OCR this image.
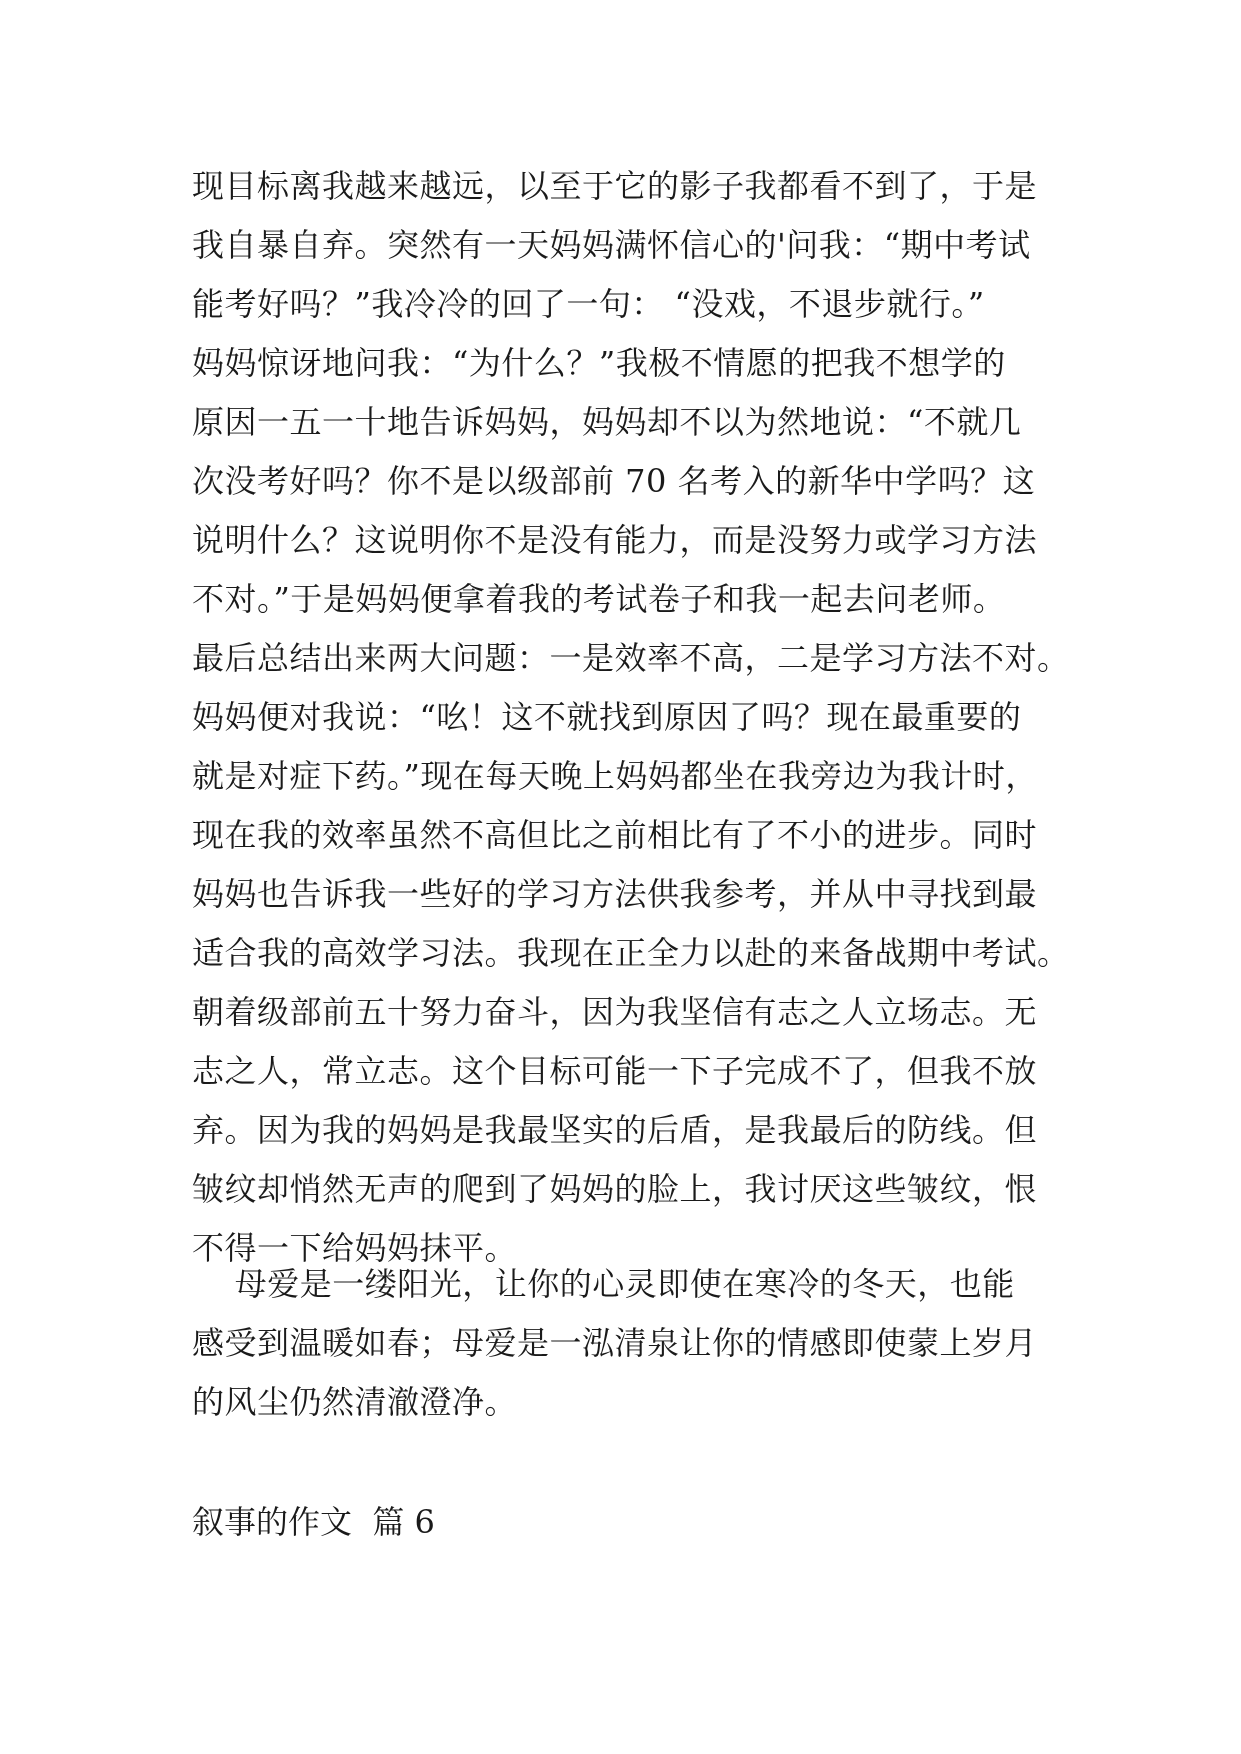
现目标离我越来越远，以至于它的影子我都看不到了，于是
我自暴自弃。突然有一天妈妈满怀信心的'问我：“期中考试
能考好吗？”我冷冷的回了一句： “没戏，不退步就行。”
妈妈惊讶地问我：“为什么？”我极不情愿的把我不想学的
原因一五一十地告诉妈妈，妈妈却不以为然地说：“不就几
次没考好吗？你不是以级部前 70 名考入的新华中学吗？这
说明什么？这说明你不是没有能力，而是没努力或学习方法
不对。”于是妈妈便拿着我的考试卷子和我一起去问老师。
最后总结出来两大问题：一是效率不高，二是学习方法不对。
妈妈便对我说：“吆！这不就找到原因了吗？现在最重要的
就是对症下药。”现在每天晚上妈妈都坐在我旁边为我计时，
现在我的效率虽然不高但比之前相比有了不小的进步。同时
妈妈也告诉我一些好的学习方法供我参考，并从中寻找到最
适合我的高效学习法。我现在正全力以赴的来备战期中考试。
朝着级部前五十努力奋斗，因为我坚信有志之人立场志。无
志之人，常立志。这个目标可能一下子完成不了，但我不放
弃。因为我的妈妈是我最坚实的后盾，是我最后的防线。但
皱纹却悄然无声的爬到了妈妈的脸上，我讨厌这些皱纹，恨
不得一下给妈妈抹平。
母爱是一缕阳光，让你的心灵即使在寒冷的冬天，也能
感受到温暖如春；母爱是一泓清泉让你的情感即使蒙上岁月
的风尘仍然清澈澄净。
叙事的作文  篇 6
